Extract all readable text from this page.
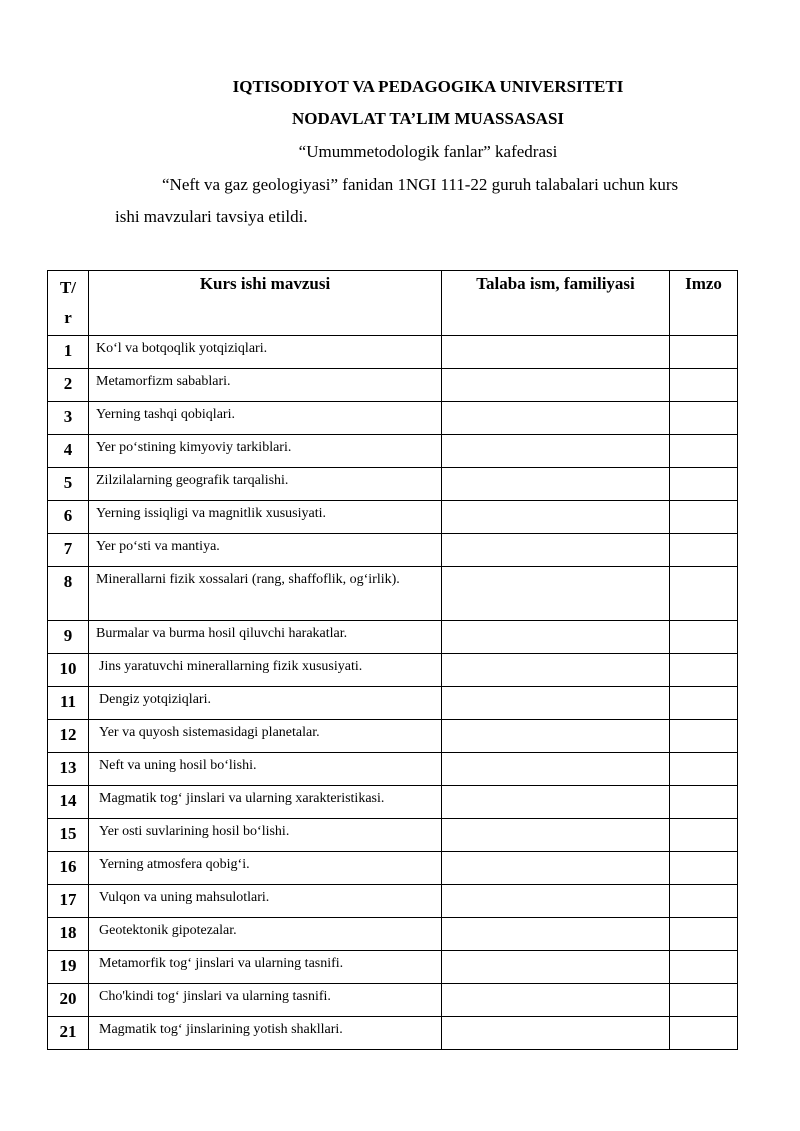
IQTISODIYOT VA PEDAGOGIKA UNIVERSITETI
NODAVLAT TA’LIM MUASSASASI
“Umummetodologik fanlar” kafedrasi
“Neft va gaz geologiyasi” fanidan 1NGI 111-22 guruh talabalari uchun kurs
ishi mavzulari tavsiya etildi.
T/
r	Kurs ishi mavzusi	Talaba ism, familiyasi	Imzo
1	Ko‘l va botqoqlik yotqiziqlari.		
2	Metamorfizm sabablari.		
3	Yerning tashqi qobiqlari.		
4	Yer po‘stining kimyoviy tarkiblari.		
5	Zilzilalarning geografik tarqalishi.		
6	Yerning issiqligi va magnitlik xususiyati.		
7	Yer po‘sti va mantiya.		
8	Minerallarni fizik xossalari (rang, shaffoflik, og‘irlik).		
9	Burmalar va burma hosil qiluvchi harakatlar.		
10	Jins yaratuvchi minerallarning fizik xususiyati.		
11	Dengiz yotqiziqlari.		
12	Yer va quyosh sistemasidagi planetalar.		
13	Neft va uning hosil bo‘lishi.		
14	Magmatik tog‘ jinslari va ularning xarakteristikasi.		
15	Yer osti suvlarining hosil bo‘lishi.		
16	Yerning atmosfera qobig‘i.		
17	Vulqon va uning mahsulotlari.		
18	Geotektonik gipotezalar.		
19	Metamorfik tog‘ jinslari va ularning tasnifi.		
20	Cho'kindi tog‘ jinslari va ularning tasnifi.		
21	Magmatik tog‘ jinslarining yotish shakllari.		
